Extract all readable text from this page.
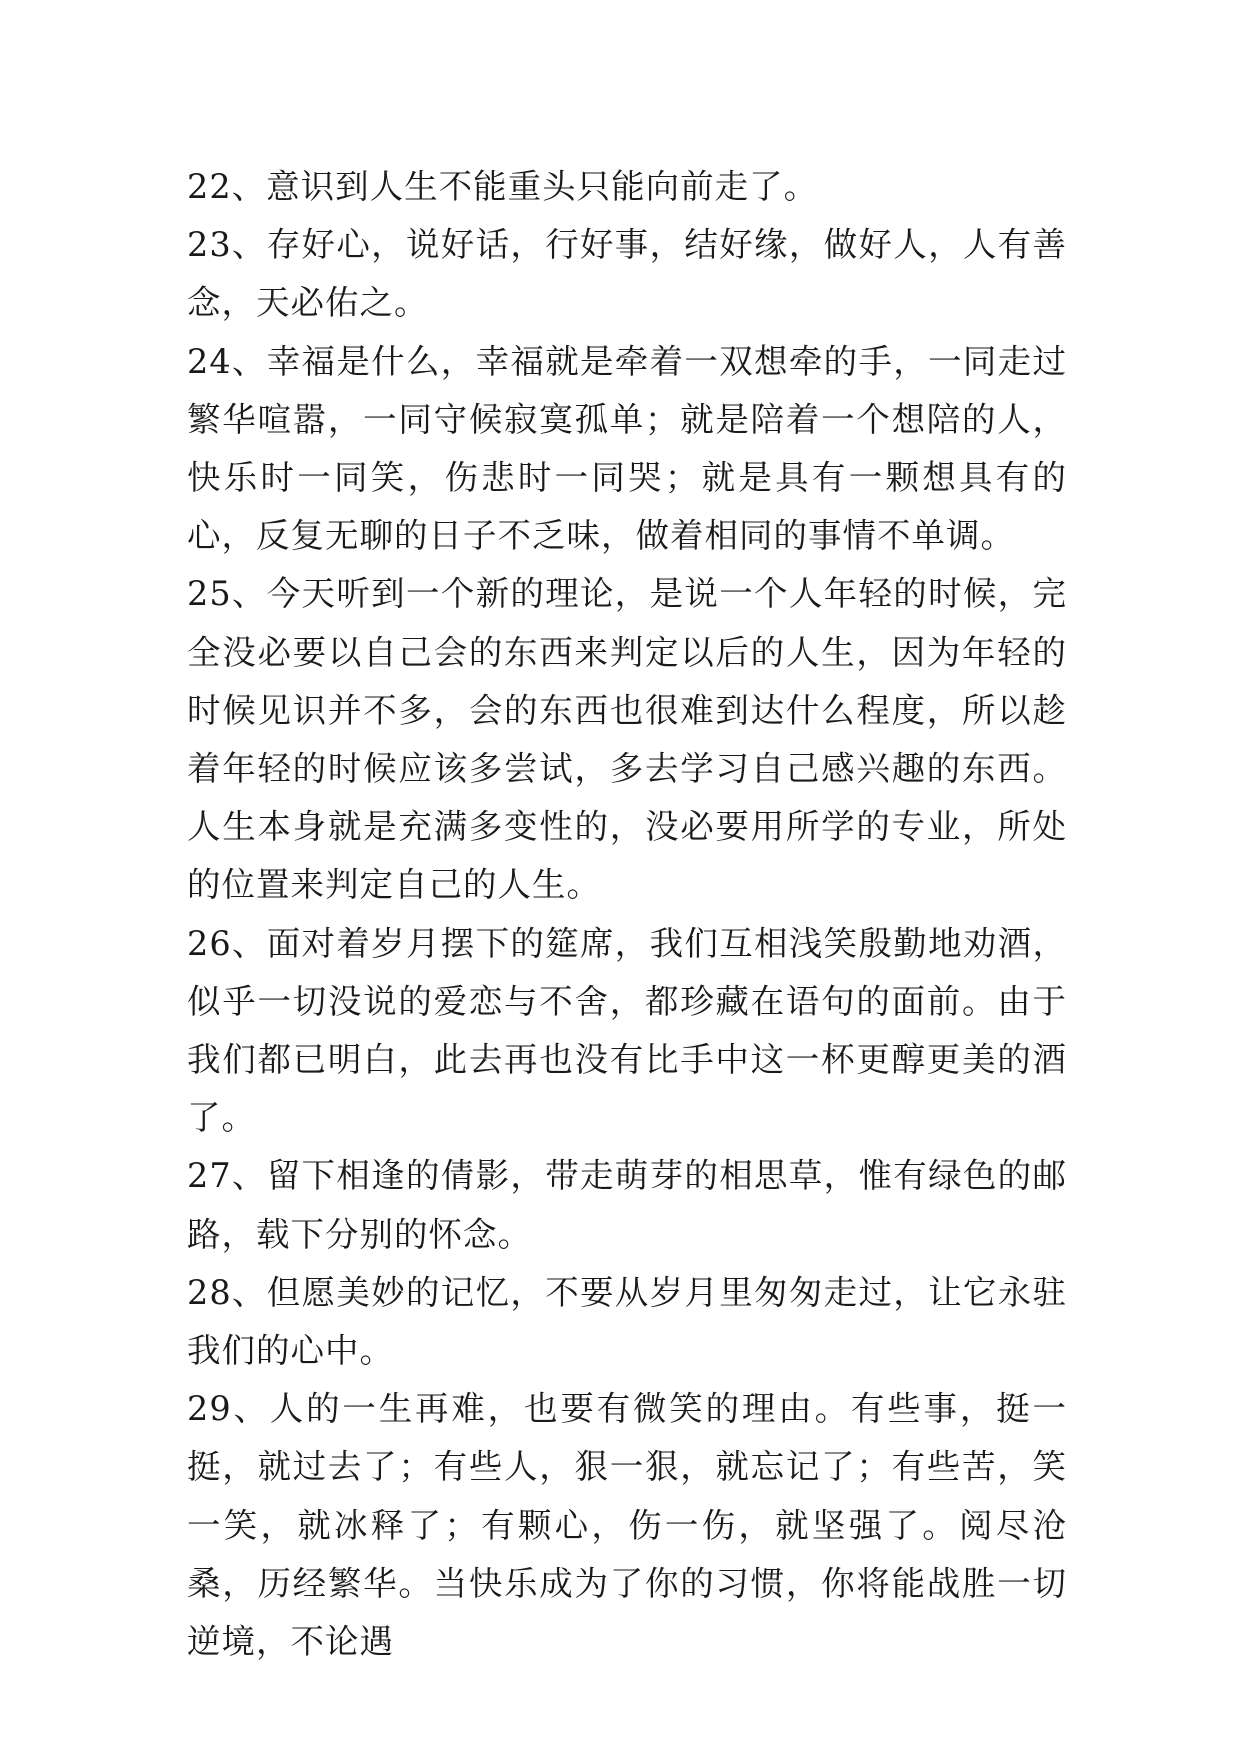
22、意识到人生不能重头只能向前走了。

23、存好心，说好话，行好事，结好缘，做好人，人有善念，天必佑之。

24、幸福是什么，幸福就是牵着一双想牵的手，一同走过繁华喧嚣，一同守候寂寞孤单；就是陪着一个想陪的人，快乐时一同笑，伤悲时一同哭；就是具有一颗想具有的心，反复无聊的日子不乏味，做着相同的事情不单调。

25、今天听到一个新的理论，是说一个人年轻的时候，完全没必要以自己会的东西来判定以后的人生，因为年轻的时候见识并不多，会的东西也很难到达什么程度，所以趁着年轻的时候应该多尝试，多去学习自己感兴趣的东西。人生本身就是充满多变性的，没必要用所学的专业，所处的位置来判定自己的人生。

26、面对着岁月摆下的筵席，我们互相浅笑殷勤地劝酒，似乎一切没说的爱恋与不舍，都珍藏在语句的面前。由于我们都已明白，此去再也没有比手中这一杯更醇更美的酒了。

27、留下相逢的倩影，带走萌芽的相思草，惟有绿色的邮路，载下分别的怀念。

28、但愿美妙的记忆，不要从岁月里匆匆走过，让它永驻我们的心中。

29、人的一生再难，也要有微笑的理由。有些事，挺一挺，就过去了；有些人，狠一狠，就忘记了；有些苦，笑一笑，就冰释了；有颗心，伤一伤，就坚强了。阅尽沧桑，历经繁华。当快乐成为了你的习惯，你将能战胜一切逆境，不论遇
